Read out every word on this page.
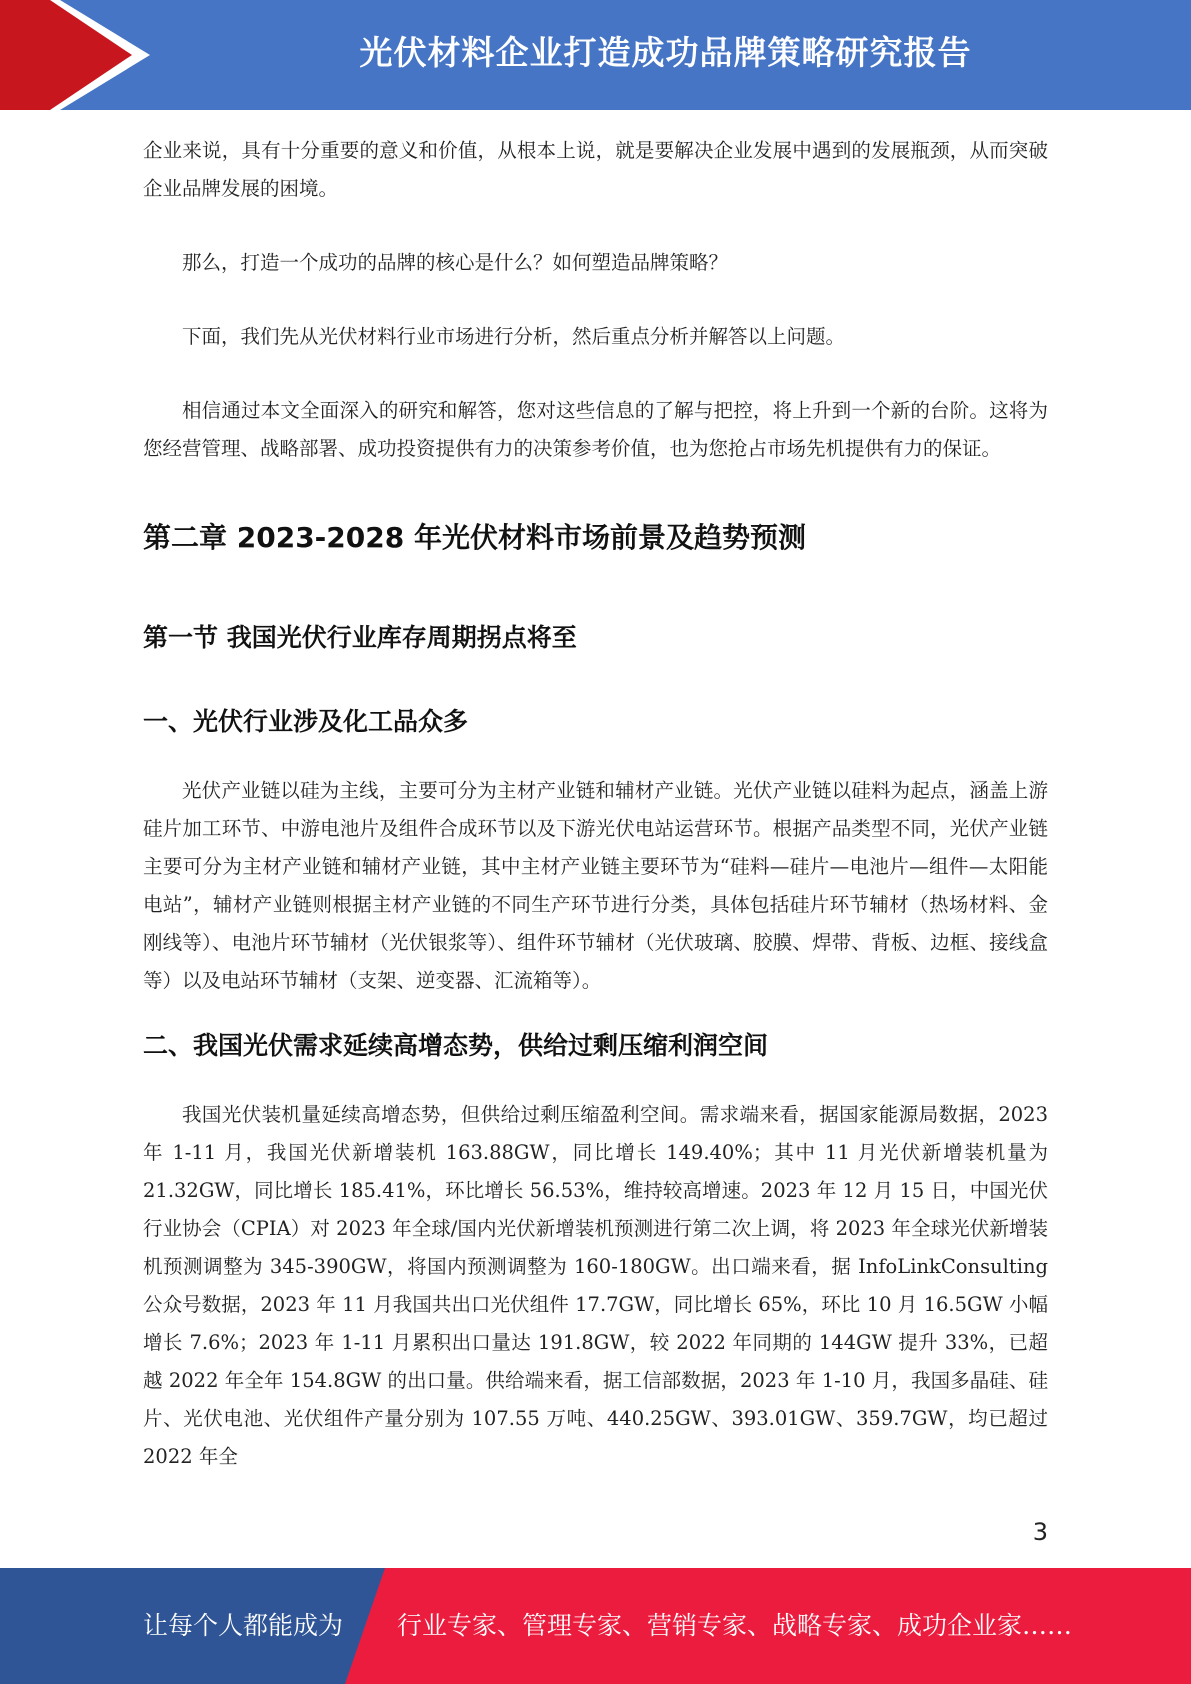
光伏材料企业打造成功品牌策略研究报告

企业来说，具有十分重要的意义和价值，从根本上说，就是要解决企业发展中遇到的发展瓶颈，从而突破企业品牌发展的困境。

那么，打造一个成功的品牌的核心是什么？如何塑造品牌策略？

下面，我们先从光伏材料行业市场进行分析，然后重点分析并解答以上问题。

相信通过本文全面深入的研究和解答，您对这些信息的了解与把控，将上升到一个新的台阶。这将为您经营管理、战略部署、成功投资提供有力的决策参考价值，也为您抢占市场先机提供有力的保证。

第二章 2023-2028 年光伏材料市场前景及趋势预测
第一节 我国光伏行业库存周期拐点将至
一、光伏行业涉及化工品众多

光伏产业链以硅为主线，主要可分为主材产业链和辅材产业链。光伏产业链以硅料为起点，涵盖上游硅片加工环节、中游电池片及组件合成环节以及下游光伏电站运营环节。根据产品类型不同，光伏产业链主要可分为主材产业链和辅材产业链，其中主材产业链主要环节为“硅料—硅片—电池片—组件—太阳能电站”，辅材产业链则根据主材产业链的不同生产环节进行分类，具体包括硅片环节辅材（热场材料、金刚线等）、电池片环节辅材（光伏银浆等）、组件环节辅材（光伏玻璃、胶膜、焊带、背板、边框、接线盒等）以及电站环节辅材（支架、逆变器、汇流箱等）。

二、我国光伏需求延续高增态势，供给过剩压缩利润空间

我国光伏装机量延续高增态势，但供给过剩压缩盈利空间。需求端来看，据国家能源局数据，2023 年 1-11 月，我国光伏新增装机 163.88GW，同比增长 149.40%；其中 11 月光伏新增装机量为 21.32GW，同比增长 185.41%，环比增长 56.53%，维持较高增速。2023 年 12 月 15 日，中国光伏行业协会（CPIA）对 2023 年全球/国内光伏新增装机预测进行第二次上调，将 2023 年全球光伏新增装机预测调整为 345-390GW，将国内预测调整为 160-180GW。出口端来看，据 InfoLinkConsulting 公众号数据，2023 年 11 月我国共出口光伏组件 17.7GW，同比增长 65%，环比 10 月 16.5GW 小幅增长 7.6%；2023 年 1-11 月累积出口量达 191.8GW，较 2022 年同期的 144GW 提升 33%，已超越 2022 年全年 154.8GW 的出口量。供给端来看，据工信部数据，2023 年 1-10 月，我国多晶硅、硅片、光伏电池、光伏组件产量分别为 107.55 万吨、440.25GW、393.01GW、359.7GW，均已超过 2022 年全

3
让每个人都能成为 行业专家、管理专家、营销专家、战略专家、成功企业家……
